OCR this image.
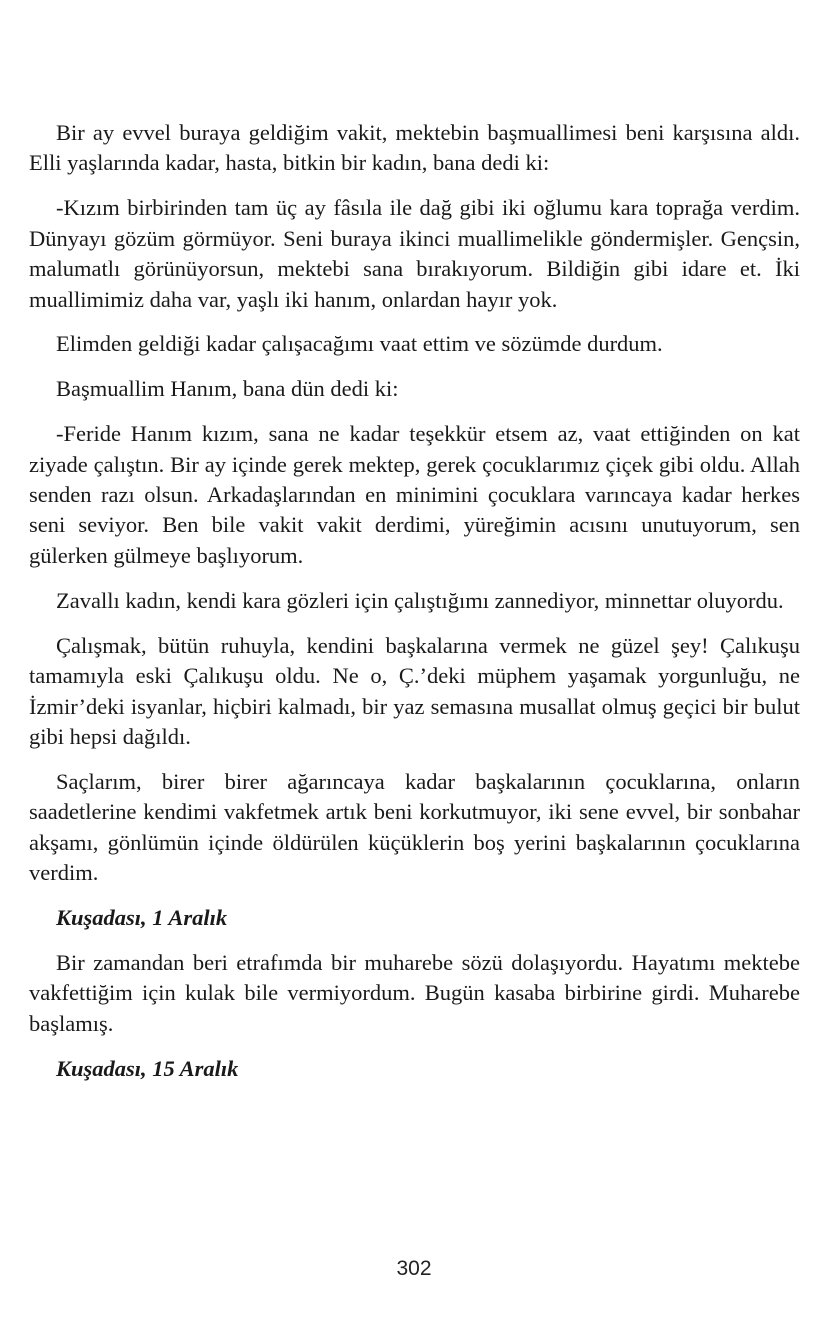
Bir ay evvel buraya geldiğim vakit, mektebin başmuallimesi beni karşısına aldı. Elli yaşlarında kadar, hasta, bitkin bir kadın, bana dedi ki:

-Kızım birbirinden tam üç ay fâsıla ile dağ gibi iki oğlumu kara toprağa verdim. Dünyayı gözüm görmüyor. Seni buraya ikinci muallimelikle göndermişler. Gençsin, malumatlı görünüyorsun, mektebi sana bırakıyorum. Bildiğin gibi idare et. İki muallimimiz daha var, yaşlı iki hanım, onlardan hayır yok.

Elimden geldiği kadar çalışacağımı vaat ettim ve sözümde durdum.

Başmuallim Hanım, bana dün dedi ki:

-Feride Hanım kızım, sana ne kadar teşekkür etsem az, vaat ettiğinden on kat ziyade çalıştın. Bir ay içinde gerek mektep, gerek çocuklarımız çiçek gibi oldu. Allah senden razı olsun. Arkadaşlarından en minimini çocuklara varıncaya kadar herkes seni seviyor. Ben bile vakit vakit derdimi, yüreğimin acısını unutuyorum, sen gülerken gülmeye başlıyorum.

Zavallı kadın, kendi kara gözleri için çalıştığımı zannediyor, minnettar oluyordu.

Çalışmak, bütün ruhuyla, kendini başkalarına vermek ne güzel şey! Çalıkuşu tamamıyla eski Çalıkuşu oldu. Ne o, Ç.’deki müphem yaşamak yorgunluğu, ne İzmir’deki isyanlar, hiçbiri kalmadı, bir yaz semasına musallat olmuş geçici bir bulut gibi hepsi dağıldı.

Saçlarım, birer birer ağarıncaya kadar başkalarının çocuklarına, onların saadetlerine kendimi vakfetmek artık beni korkutmuyor, iki sene evvel, bir sonbahar akşamı, gönlümün içinde öldürülen küçüklerin boş yerini başkalarının çocuklarına verdim.

Kuşadası, 1 Aralık

Bir zamandan beri etrafımda bir muharebe sözü dolaşıyordu. Hayatımı mektebe vakfettiğim için kulak bile vermiyordum. Bugün kasaba birbirine girdi. Muharebe başlamış.

Kuşadası, 15 Aralık

302
